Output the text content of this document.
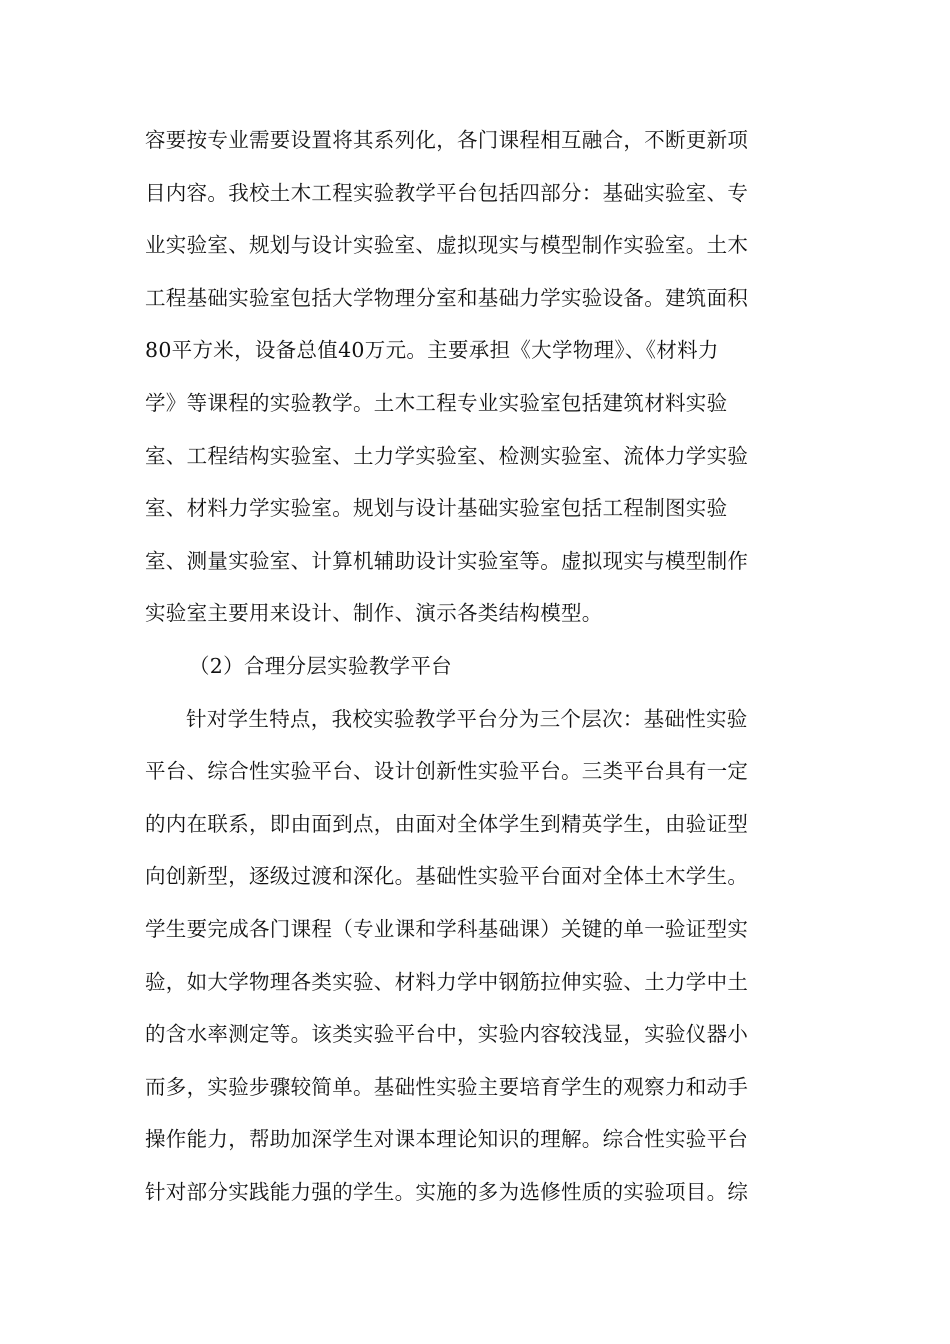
容要按专业需要设置将其系列化，各门课程相互融合，不断更新项
目内容。我校土木工程实验教学平台包括四部分：基础实验室、专
业实验室、规划与设计实验室、虚拟现实与模型制作实验室。土木
工程基础实验室包括大学物理分室和基础力学实验设备。建筑面积
80平方米，设备总值40万元。主要承担《大学物理》、《材料力
学》等课程的实验教学。土木工程专业实验室包括建筑材料实验
室、工程结构实验室、土力学实验室、检测实验室、流体力学实验
室、材料力学实验室。规划与设计基础实验室包括工程制图实验
室、测量实验室、计算机辅助设计实验室等。虚拟现实与模型制作
实验室主要用来设计、制作、演示各类结构模型。
（2）合理分层实验教学平台
针对学生特点，我校实验教学平台分为三个层次：基础性实验
平台、综合性实验平台、设计创新性实验平台。三类平台具有一定
的内在联系，即由面到点，由面对全体学生到精英学生，由验证型
向创新型，逐级过渡和深化。基础性实验平台面对全体土木学生。
学生要完成各门课程（专业课和学科基础课）关键的单一验证型实
验，如大学物理各类实验、材料力学中钢筋拉伸实验、土力学中土
的含水率测定等。该类实验平台中，实验内容较浅显，实验仪器小
而多，实验步骤较简单。基础性实验主要培育学生的观察力和动手
操作能力，帮助加深学生对课本理论知识的理解。综合性实验平台
针对部分实践能力强的学生。实施的多为选修性质的实验项目。综
